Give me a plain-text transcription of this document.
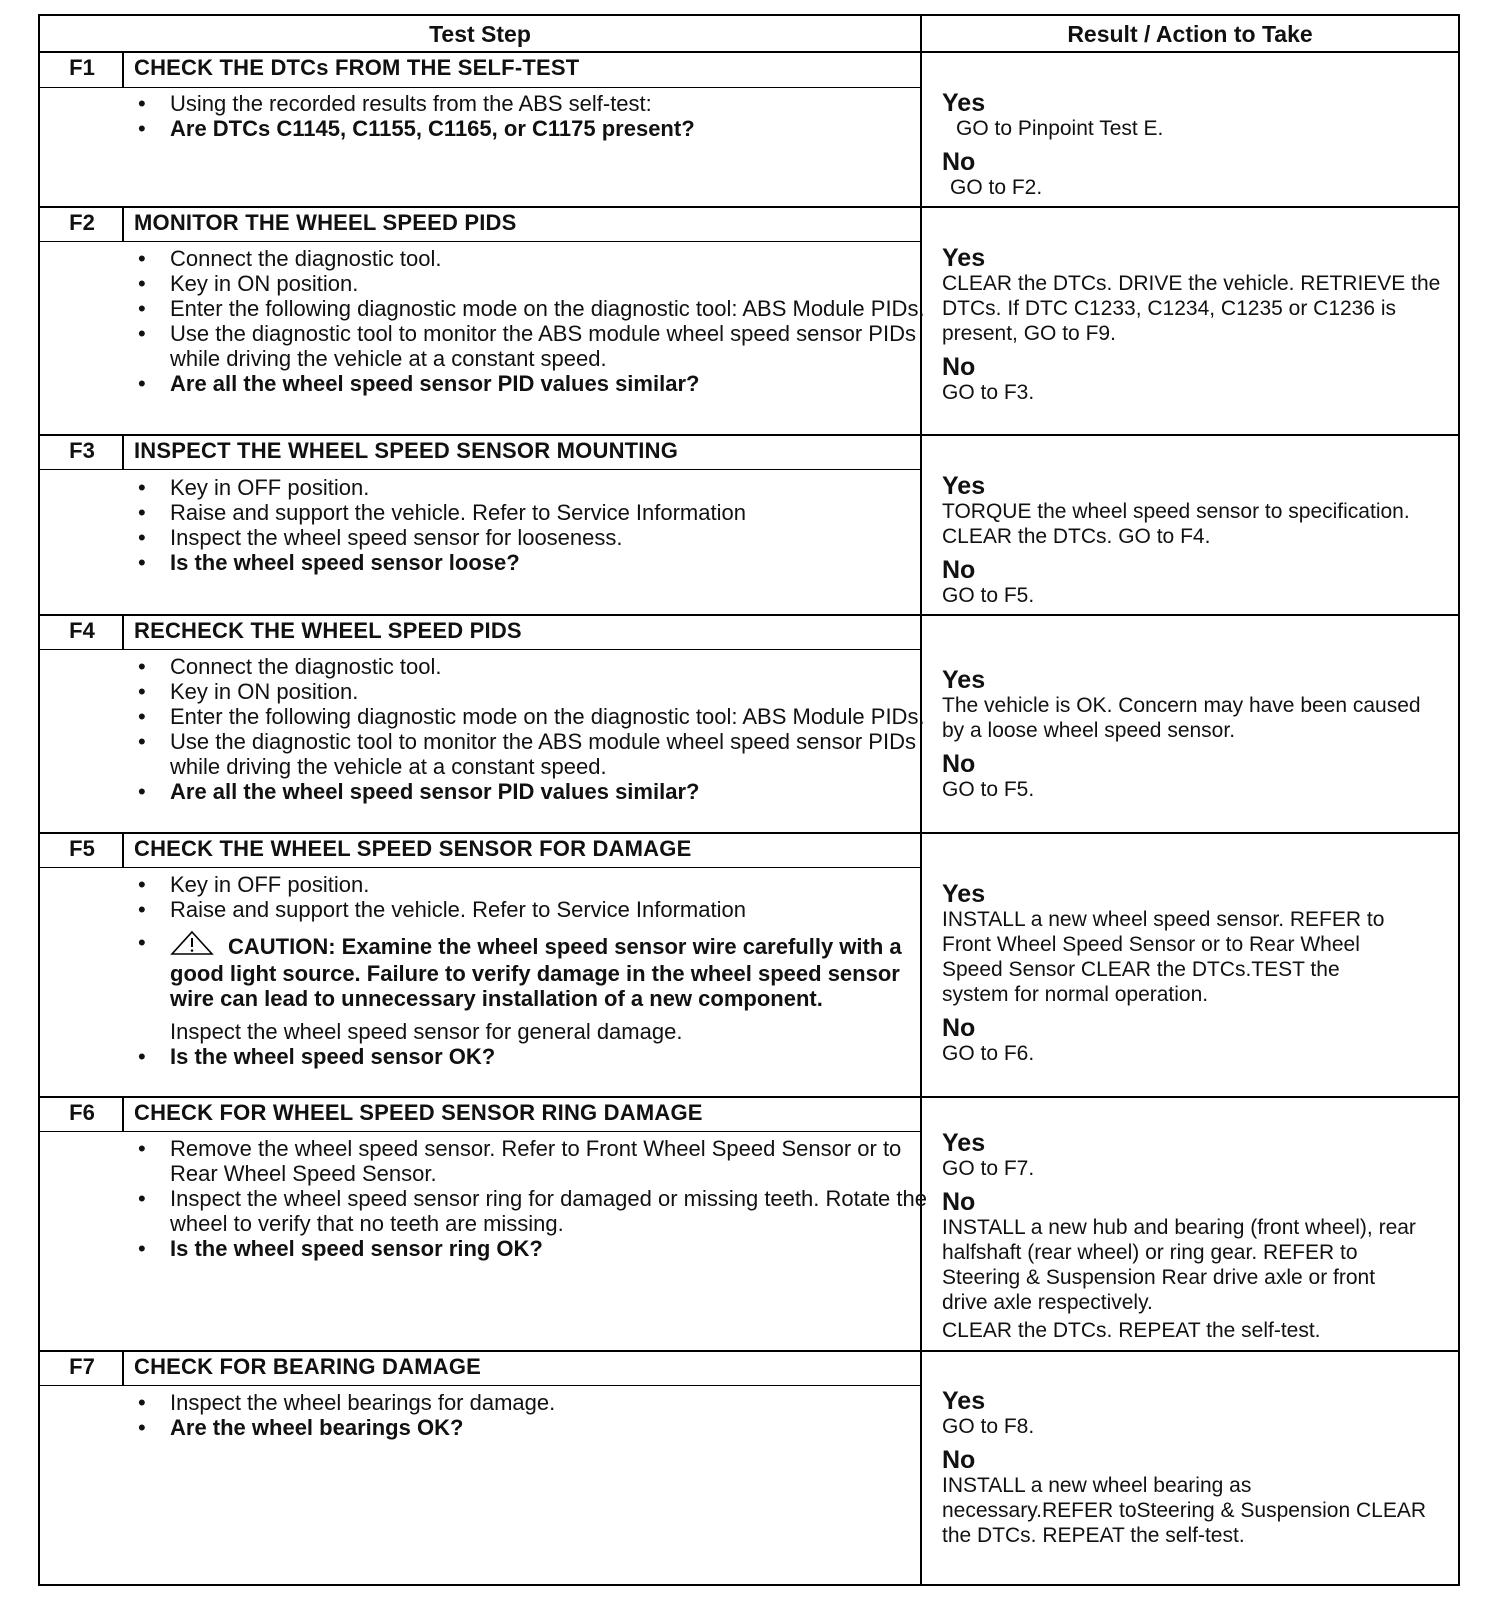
Test Step	Result / Action to Take
F1	CHECK THE DTCs FROM THE SELF-TEST
• Using the recorded results from the ABS self-test:
• Are DTCs C1145, C1155, C1165, or C1175 present?
Yes
GO to Pinpoint Test E.
No
GO to F2.
F2	MONITOR THE WHEEL SPEED PIDS
• Connect the diagnostic tool.
• Key in ON position.
• Enter the following diagnostic mode on the diagnostic tool: ABS Module PIDs.
• Use the diagnostic tool to monitor the ABS module wheel speed sensor PIDs while driving the vehicle at a constant speed.
• Are all the wheel speed sensor PID values similar?
Yes
CLEAR the DTCs. DRIVE the vehicle. RETRIEVE the DTCs. If DTC C1233, C1234, C1235 or C1236 is present, GO to F9.
No
GO to F3.
F3	INSPECT THE WHEEL SPEED SENSOR MOUNTING
• Key in OFF position.
• Raise and support the vehicle. Refer to Service Information
• Inspect the wheel speed sensor for looseness.
• Is the wheel speed sensor loose?
Yes
TORQUE the wheel speed sensor to specification. CLEAR the DTCs. GO to F4.
No
GO to F5.
F4	RECHECK THE WHEEL SPEED PIDS
• Connect the diagnostic tool.
• Key in ON position.
• Enter the following diagnostic mode on the diagnostic tool: ABS Module PIDs.
• Use the diagnostic tool to monitor the ABS module wheel speed sensor PIDs while driving the vehicle at a constant speed.
• Are all the wheel speed sensor PID values similar?
Yes
The vehicle is OK. Concern may have been caused by a loose wheel speed sensor.
No
GO to F5.
F5	CHECK THE WHEEL SPEED SENSOR FOR DAMAGE
• Key in OFF position.
• Raise and support the vehicle. Refer to Service Information
• CAUTION: Examine the wheel speed sensor wire carefully with a good light source. Failure to verify damage in the wheel speed sensor wire can lead to unnecessary installation of a new component.
Inspect the wheel speed sensor for general damage.
• Is the wheel speed sensor OK?
Yes
INSTALL a new wheel speed sensor. REFER to Front Wheel Speed Sensor or to Rear Wheel Speed Sensor CLEAR the DTCs.TEST the system for normal operation.
No
GO to F6.
F6	CHECK FOR WHEEL SPEED SENSOR RING DAMAGE
• Remove the wheel speed sensor. Refer to Front Wheel Speed Sensor or to Rear Wheel Speed Sensor.
• Inspect the wheel speed sensor ring for damaged or missing teeth. Rotate the wheel to verify that no teeth are missing.
• Is the wheel speed sensor ring OK?
Yes
GO to F7.
No
INSTALL a new hub and bearing (front wheel), rear halfshaft (rear wheel) or ring gear. REFER to Steering & Suspension Rear drive axle or front drive axle respectively.
CLEAR the DTCs. REPEAT the self-test.
F7	CHECK FOR BEARING DAMAGE
• Inspect the wheel bearings for damage.
• Are the wheel bearings OK?
Yes
GO to F8.
No
INSTALL a new wheel bearing as necessary.REFER toSteering & Suspension CLEAR the DTCs. REPEAT the self-test.
